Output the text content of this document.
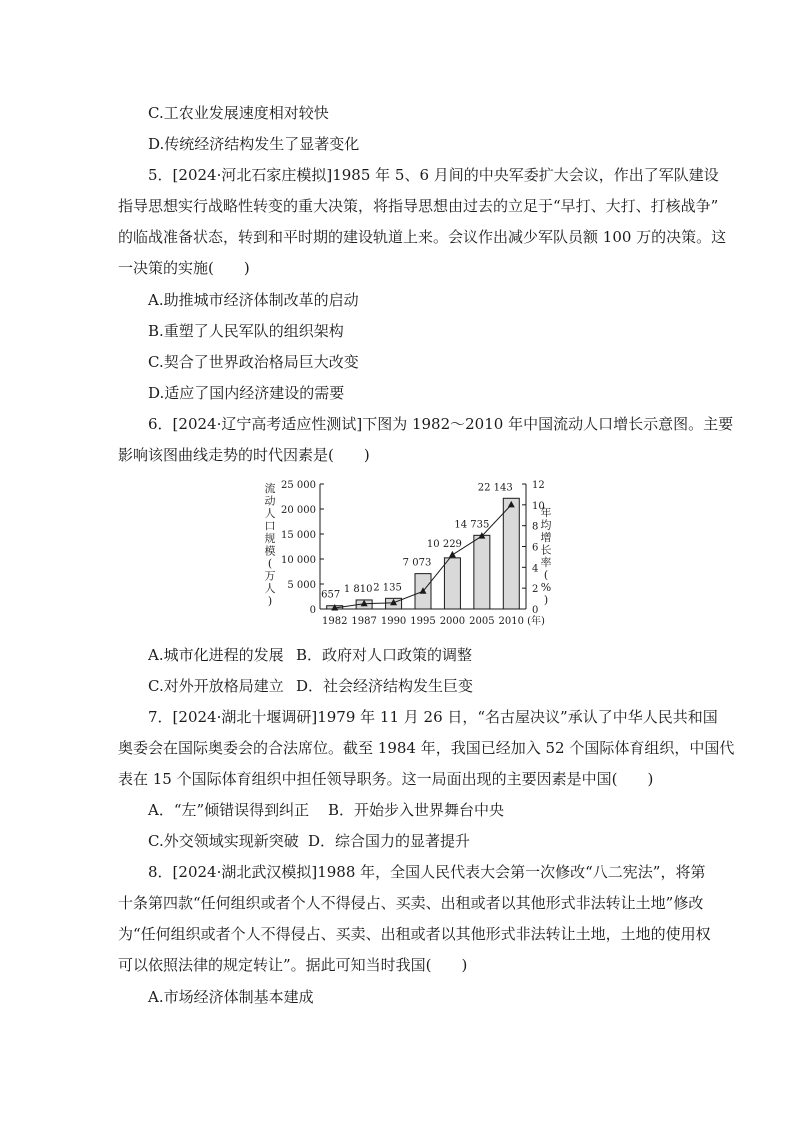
C.工农业发展速度相对较快
D.传统经济结构发生了显著变化
5．[2024·河北石家庄模拟]1985 年 5、6 月间的中央军委扩大会议，作出了军队建设
指导思想实行战略性转变的重大决策，将指导思想由过去的立足于“早打、大打、打核战争”
的临战准备状态，转到和平时期的建设轨道上来。会议作出减少军队员额 100 万的决策。这
一决策的实施(　　)
A.助推城市经济体制改革的启动
B.重塑了人民军队的组织架构
C.契合了世界政治格局巨大改变
D.适应了国内经济建设的需要
6．[2024·辽宁高考适应性测试]下图为 1982～2010 年中国流动人口增长示意图。主要
影响该图曲线走势的时代因素是(　　)
0
5 000
10 000
15 000
20 000
25 000
0
2
4
6
8
10
12
流
动
人
口
规
模
(
万
人
)
年
均
增
长
率
(
%
)
1982 1987 1990 1995 2000 2005 2010 (年)
657
1 810 2 135
7 073
10 229
14 735
22 143
A.城市化进程的发展 B．政府对人口政策的调整
C.对外开放格局建立 D．社会经济结构发生巨变
7．[2024·湖北十堰调研]1979 年 11 月 26 日，“名古屋决议”承认了中华人民共和国
奥委会在国际奥委会的合法席位。截至 1984 年，我国已经加入 52 个国际体育组织，中国代
表在 15 个国际体育组织中担任领导职务。这一局面出现的主要因素是中国(　　)
A．“左”倾错误得到纠正 B．开始步入世界舞台中央
C.外交领域实现新突破 D．综合国力的显著提升
8．[2024·湖北武汉模拟]1988 年，全国人民代表大会第一次修改“八二宪法”，将第
十条第四款“任何组织或者个人不得侵占、买卖、出租或者以其他形式非法转让土地”修改
为“任何组织或者个人不得侵占、买卖、出租或者以其他形式非法转让土地，土地的使用权
可以依照法律的规定转让”。据此可知当时我国(　　)
A.市场经济体制基本建成
